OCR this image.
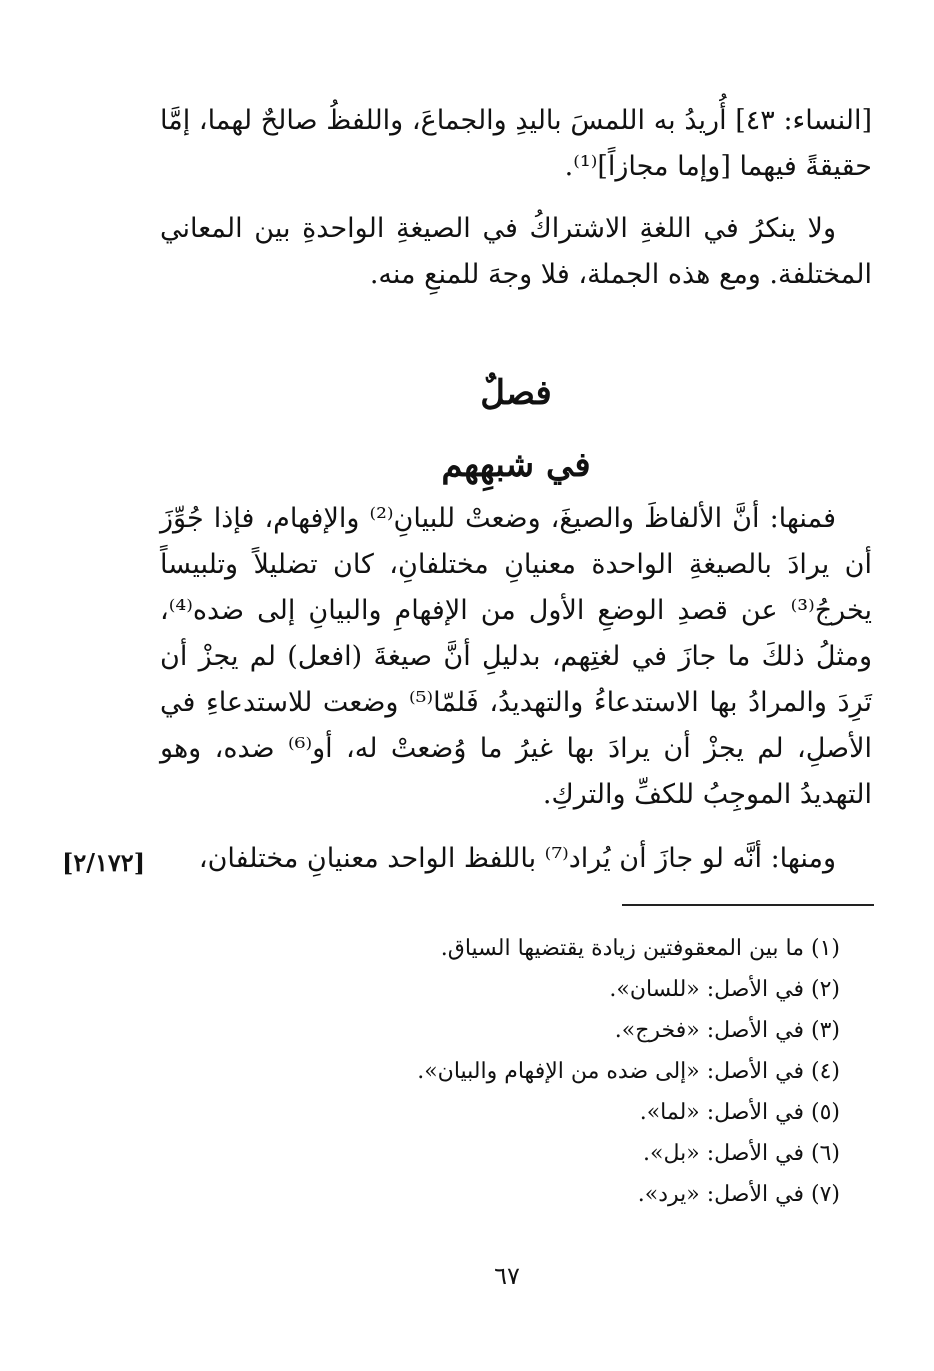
[النساء: ٤٣] أُريدُ به اللمسَ باليدِ والجماعَ، واللفظُ صالحٌ لهما، إمَّا حقيقةً فيهما [وإما مجازاً]⁽¹⁾.
ولا ينكرُ في اللغةِ الاشتراكُ في الصيغةِ الواحدةِ بين المعاني المختلفة. ومع هذه الجملة، فلا وجهَ للمنعِ منه.
فصلٌ
في شبهِهم
فمنها: أنَّ الألفاظَ والصيغَ، وضعتْ للبيانِ⁽²⁾ والإفهام، فإذا جُوِّزَ أن يرادَ بالصيغةِ الواحدة معنيانِ مختلفانِ، كان تضليلاً وتلبيساً يخرجُ⁽³⁾ عن قصدِ الوضعِ الأول من الإفهامِ والبيانِ إلى ضده⁽⁴⁾، ومثلُ ذلكَ ما جازَ في لغتِهم، بدليلِ أنَّ صيغةَ (افعل) لم يجزْ أن تَرِدَ والمرادُ بها الاستدعاءُ والتهديدُ، فَلمّا⁽⁵⁾ وضعت للاستدعاءِ في الأصلِ، لم يجزْ أن يرادَ بها غيرُ ما وُضعتْ له، أو⁽⁶⁾ ضده، وهو التهديدُ الموجِبُ للكفِّ والتركِ.
ومنها: أنَّه لو جازَ أن يُراد⁽⁷⁾ باللفظ الواحد معنيانِ مختلفان،
[٢/١٧٢]
(١) ما بين المعقوفتين زيادة يقتضيها السياق.
(٢) في الأصل: «للسان».
(٣) في الأصل: «فخرج».
(٤) في الأصل: «إلى ضده من الإفهام والبيان».
(٥) في الأصل: «لما».
(٦) في الأصل: «بل».
(٧) في الأصل: «يرد».
٦٧
